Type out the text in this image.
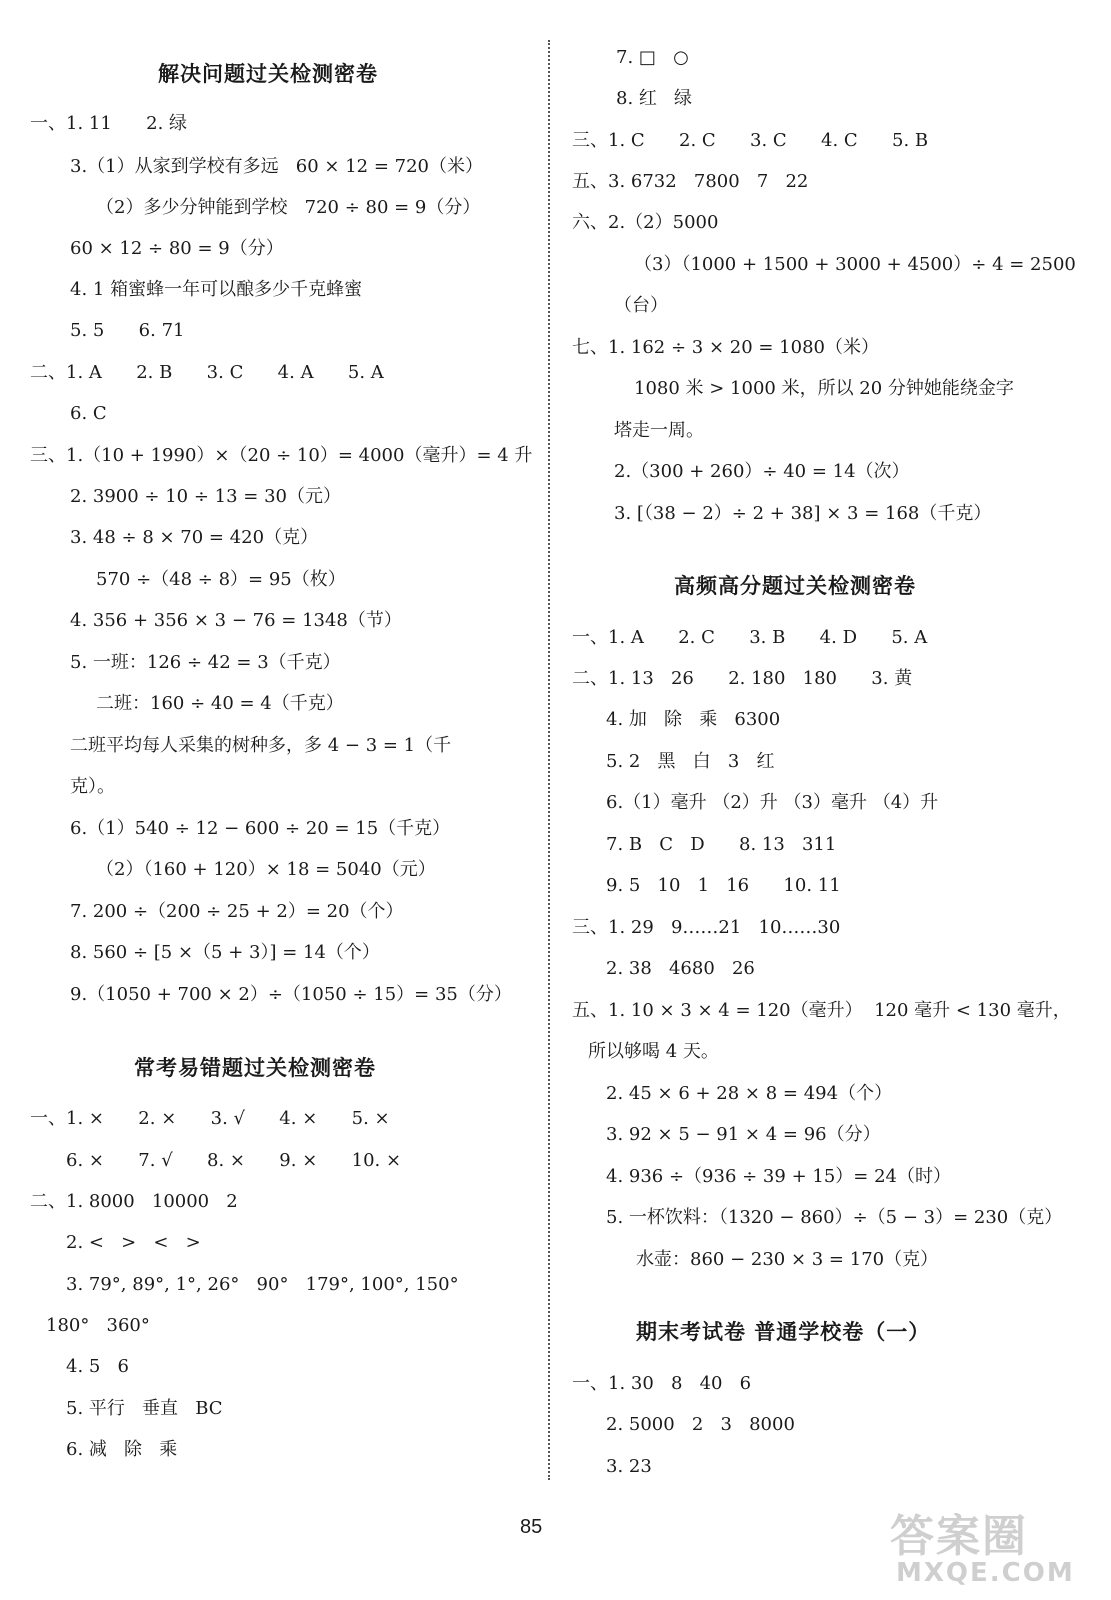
解决问题过关检测密卷
一、1. 11      2. 绿
3.（1）从家到学校有多远   60 × 12 = 720（米）
（2）多少分钟能到学校   720 ÷ 80 = 9（分）
60 × 12 ÷ 80 = 9（分）
4. 1 箱蜜蜂一年可以酿多少千克蜂蜜
5. 5      6. 71
二、1. A      2. B      3. C      4. A      5. A
6. C
三、1.（10 + 1990）×（20 ÷ 10）= 4000（毫升）= 4 升
2. 3900 ÷ 10 ÷ 13 = 30（元）
3. 48 ÷ 8 × 70 = 420（克）
570 ÷（48 ÷ 8）= 95（枚）
4. 356 + 356 × 3 − 76 = 1348（节）
5. 一班：126 ÷ 42 = 3（千克）
二班：160 ÷ 40 = 4（千克）
二班平均每人采集的树种多，多 4 − 3 = 1（千
克）。
6.（1）540 ÷ 12 − 600 ÷ 20 = 15（千克）
（2）（160 + 120）× 18 = 5040（元）
7. 200 ÷（200 ÷ 25 + 2）= 20（个）
8. 560 ÷ [5 ×（5 + 3）] = 14（个）
9.（1050 + 700 × 2）÷（1050 ÷ 15）= 35（分）
常考易错题过关检测密卷
一、1. ×      2. ×      3. √      4. ×      5. ×
6. ×      7. √      8. ×      9. ×      10. ×
二、1. 8000   10000   2
2. <   >   <   >
3. 79°, 89°, 1°, 26°   90°   179°, 100°, 150°
180°   360°
4. 5   6
5. 平行   垂直   BC
6. 减   除   乘
7. □   ○
8. 红   绿
三、1. C      2. C      3. C      4. C      5. B
五、3. 6732   7800   7   22
六、2.（2）5000
（3）（1000 + 1500 + 3000 + 4500）÷ 4 = 2500
（台）
七、1. 162 ÷ 3 × 20 = 1080（米）
1080 米 > 1000 米，所以 20 分钟她能绕金字
塔走一周。
2.（300 + 260）÷ 40 = 14（次）
3. [（38 − 2）÷ 2 + 38] × 3 = 168（千克）
高频高分题过关检测密卷
一、1. A      2. C      3. B      4. D      5. A
二、1. 13   26      2. 180   180      3. 黄
4. 加   除   乘   6300
5. 2   黑   白   3   红
6.（1）毫升 （2）升 （3）毫升 （4）升
7. B   C   D      8. 13   311
9. 5   10   1   16      10. 11
三、1. 29   9……21   10……30
2. 38   4680   26
五、1. 10 × 3 × 4 = 120（毫升）  120 毫升 < 130 毫升，
所以够喝 4 天。
2. 45 × 6 + 28 × 8 = 494（个）
3. 92 × 5 − 91 × 4 = 96（分）
4. 936 ÷（936 ÷ 39 + 15）= 24（时）
5. 一杯饮料：（1320 − 860）÷（5 − 3）= 230（克）
水壶：860 − 230 × 3 = 170（克）
期末考试卷 普通学校卷（一）
一、1. 30   8   40   6
2. 5000   2   3   8000
3. 23
85	答案圈
MXQE.COM
